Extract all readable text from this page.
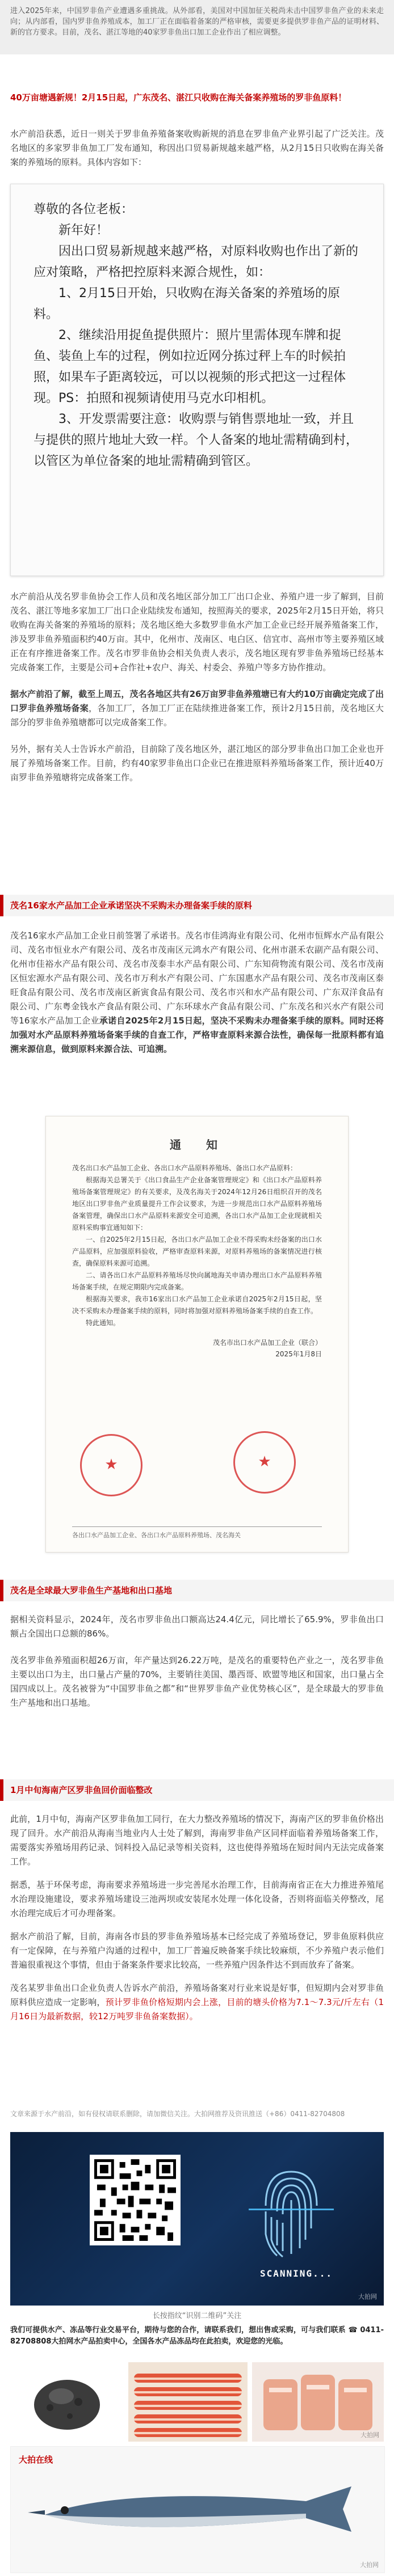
进入2025年来，中国罗非鱼产业遭遇多重挑战。从外部看，美国对中国加征关税尚未击中国罗非鱼产业的未来走向；从内部看，国内罗非鱼养殖成本，加工厂正在面临着备案的严格审核，需要更多提供罗非鱼产品的证明材料、新的官方要求。目前，茂名、湛江等地的40家罗非鱼出口加工企业作出了相应调整。

40万亩塘遇新规！2月15日起，广东茂名、湛江只收购在海关备案养殖场的罗非鱼原料！

水产前沿获悉，近日一则关于罗非鱼养殖备案收购新规的消息在罗非鱼产业界引起了广泛关注。茂名地区的多家罗非鱼加工厂发布通知，称因出口贸易新规越来越严格，从2月15日只收购在海关备案的养殖场的原料。具体内容如下：

尊敬的各位老板：

　　新年好！

　　因出口贸易新规越来越严格，对原料收购也作出了新的应对策略，严格把控原料来源合规性，如：

　　1、2月15日开始，只收购在海关备案的养殖场的原料。

　　2、继续沿用捉鱼提供照片：照片里需体现车牌和捉鱼、装鱼上车的过程，例如拉近网分拣过秤上车的时候拍照，如果车子距离较远，可以以视频的形式把这一过程体现。PS：拍照和视频请使用马克水印相机。

　　3、开发票需要注意：收购票与销售票地址一致，并且与提供的照片地址大致一样。个人备案的地址需精确到村，以管区为单位备案的地址需精确到管区。

水产前沿从茂名罗非鱼协会工作人员和茂名地区部分加工厂出口企业、养殖户进一步了解到，目前茂名、湛江等地多家加工厂出口企业陆续发布通知，按照海关的要求，2025年2月15日开始，将只收购在海关备案的养殖场的原料；茂名地区绝大多数罗非鱼水产加工企业已经开展养殖备案工作，涉及罗非鱼养殖面积约40万亩。其中，化州市、茂南区、电白区、信宜市、高州市等主要养殖区域正在有序推进备案工作。茂名市罗非鱼协会相关负责人表示，茂名地区现有罗非鱼养殖场已经基本完成备案工作，主要是公司+合作社+农户、海关、村委会、养殖户等多方协作推动。

据水产前沿了解，截至上周五，茂名各地区共有26万亩罗非鱼养殖塘已有大约10万亩确定完成了出口罗非鱼养殖场备案，各加工厂，各加工厂正在陆续推进备案工作，预计2月15日前，茂名地区大部分的罗非鱼养殖塘都可以完成备案工作。

另外，据有关人士告诉水产前沿，目前除了茂名地区外，湛江地区的部分罗非鱼出口加工企业也开展了养殖场备案工作。目前，约有40家罗非鱼出口企业已在推进原料养殖场备案工作，预计近40万亩罗非鱼养殖塘将完成备案工作。

茂名16家水产品加工企业承诺坚决不采购未办理备案手续的原料

茂名16家水产品加工企业日前签署了承诺书。茂名市佳鸿海业有限公司、化州市恒辉水产品有限公司、茂名市恒业水产有限公司、茂名市茂南区元鸿水产有限公司、化州市湛禾农副产品有限公司、化州市佳裕水产品有限公司、茂名市茂泰丰水产品有限公司、广东知荷物流有限公司、茂名市茂南区恒宏源水产品有限公司、茂名市万利水产有限公司、广东国惠水产品有限公司、茂名市茂南区泰旺食品有限公司、茂名市茂南区新寅食品有限公司、茂名市兴和水产品有限公司、广东双洋食品有限公司、广东粤金钱水产食品有限公司、广东环球水产食品有限公司、广东茂名和兴水产有限公司等16家水产品加工企业承诺自2025年2月15日起，坚决不采购未办理备案手续的原料。同时还将加强对水产品原料养殖场备案手续的自查工作，严格审查原料来源合法性，确保每一批原料都有追溯来源信息，做到原料来源合法、可追溯。

通　知

茂名出口水产品加工企业、各出口水产品原料养殖场、备出口水产品原料：

根据海关总署关于《出口食品生产企业备案管理规定》和《出口水产品原料养殖场备案管理规定》的有关要求，及茂名海关于2024年12月26日组织召开的茂名地区出口罗非鱼产业质量提升工作会议要求，为进一步规范出口水产品原料养殖场备案管理，确保出口水产品原料来源安全可追溯，各出口水产品加工企业现就相关原料采购事宜通知如下：

一、自2025年2月15日起，各出口水产品加工企业不得采购未经备案的出口水产品原料，应加强原料验收，严格审查原料来源，对原料养殖场的备案情况进行核查，确保原料来源可追溯。

二、请各出口水产品原料养殖场尽快向属地海关申请办理出口水产品原料养殖场备案手续，在规定期限内完成备案。

根据海关要求，我市16家出口水产品加工企业承诺自2025年2月15日起，坚决不采购未办理备案手续的原料，同时将加强对原料养殖场备案手续的自查工作。

特此通知。

茂名市出口水产品加工企业（联合）
2025年1月8日
★	★
各出口水产品加工企业、各出口水产品原料养殖场、茂名海关
茂名是全球最大罗非鱼生产基地和出口基地

据相关资料显示，2024年，茂名市罗非鱼出口额高达24.4亿元，同比增长了65.9%，罗非鱼出口额占全国出口总额的86%。

茂名罗非鱼养殖面积超26万亩，年产量达到26.22万吨，是茂名的重要特色产业之一，茂名罗非鱼主要以出口为主，出口量占产量的70%，主要销往美国、墨西哥、欧盟等地区和国家，出口量占全国四成以上。茂名被誉为“中国罗非鱼之都”和“世界罗非鱼产业优势核心区”，是全球最大的罗非鱼生产基地和出口基地。

1月中旬海南产区罗非鱼回价面临整改

此前，1月中旬，海南产区罗非鱼加工同行，在大力整改养殖场的情况下，海南产区的罗非鱼价格出现了回升。水产前沿从海南当地业内人士处了解到，海南罗非鱼产区同样面临着养殖场备案工作，需要落实养殖场用药记录、饲料投入品记录等相关资料，这也使得养殖场在短时间内无法完成备案工作。

据悉，基于环保考虑，海南要求养殖场进一步完善尾水治理工作，目前海南省正在大力推进养殖尾水治理设施建设，要求养殖场建设三池两坝或安装尾水处理一体化设备，否则将面临关停整改，尾水治理完成后才可办理备案。

据水产前沿了解，目前，海南各市县的罗非鱼养殖场基本已经完成了养殖场登记，罗非鱼原料供应有一定保障，在与养殖户沟通的过程中，加工厂普遍反映备案手续比较麻烦，不少养殖户表示他们普遍很重视这个事情，但由于备案条件要求比较高，一些养殖户因条件达不到而放弃了备案。

茂名某罗非鱼出口企业负责人告诉水产前沿，养殖场备案对行业来说是好事，但短期内会对罗非鱼原料供应造成一定影响，预计罗非鱼价格短期内会上涨，目前的塘头价格为7.1～7.3元/斤左右（1月16日为最新数据，较12万吨罗非鱼备案数据）。

文章来源于水产前沿，如有侵权请联系删除，请加微信关注。大拍网推荐及资讯推送（+86）0411-82704808

SCANNING...
大拍网

长按指纹“识别二维码”关注

我们可提供水产、冻品等行业交易平台，期待与您的合作，请联系我们，想出售或采购，可与我们联系 ☎ 0411-82708808大拍网水产品拍卖中心，全国各水产品冻品均在此拍卖，欢迎您的光临。

大拍网
大拍在线
大拍网
